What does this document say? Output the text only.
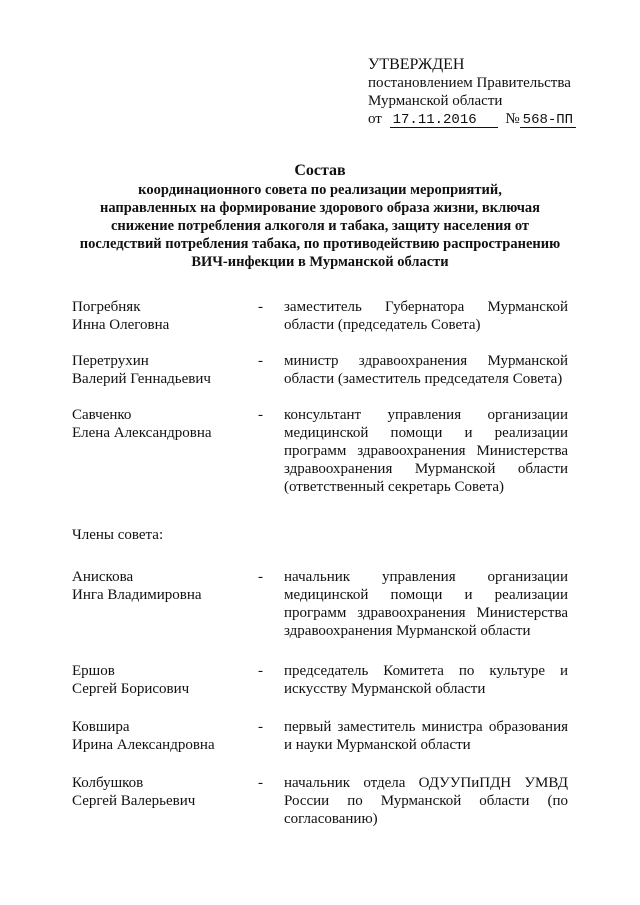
УТВЕРЖДЕН
постановлением Правительства
Мурманской области
от 17.11.2016 № 568-ПП
Состав
координационного совета по реализации мероприятий,
направленных на формирование здорового образа жизни, включая
снижение потребления алкоголя и табака, защиту населения от
последствий потребления табака, по противодействию распространению
ВИЧ-инфекции в Мурманской области
Погребняк
Инна Олеговна
-	заместитель Губернатора Мурманской области (председатель Совета)
Перетрухин
Валерий Геннадьевич
-	министр здравоохранения Мурманской области (заместитель председателя Совета)
Савченко
Елена Александровна
-	консультант управления организации медицинской помощи и реализации программ здравоохранения Министерства здравоохранения Мурманской области (ответственный секретарь Совета)
Члены совета:
Анискова
Инга Владимировна
-	начальник управления организации медицинской помощи и реализации программ здравоохранения Министерства здравоохранения Мурманской области
Ершов
Сергей Борисович
-	председатель Комитета по культуре и искусству Мурманской области
Ковшира
Ирина Александровна
-	первый заместитель министра образования и науки Мурманской области
Колбушков
Сергей Валерьевич
-	начальник отдела ОДУУПиПДН УМВД России по Мурманской области (по согласованию)
